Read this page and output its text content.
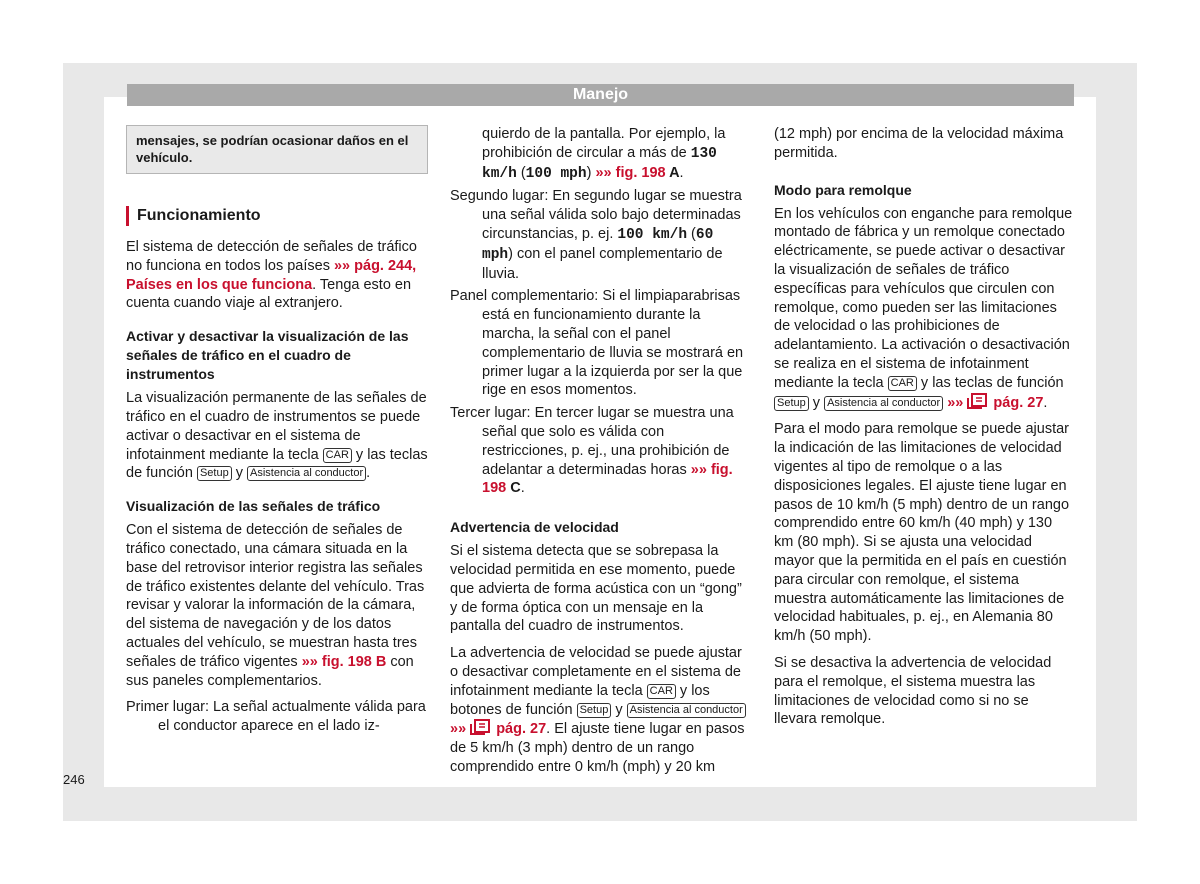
Manejo
mensajes, se podrían ocasionar daños en el vehículo.
Funcionamiento

El sistema de detección de señales de tráfico no funciona en todos los países »» pág. 244, Países en los que funciona. Tenga esto en cuenta cuando viaje al extranjero.

Activar y desactivar la visualización de las señales de tráfico en el cuadro de instrumentos

La visualización permanente de las señales de tráfico en el cuadro de instrumentos se puede activar o desactivar en el sistema de infotainment mediante la tecla CAR y las teclas de función Setup y Asistencia al conductor .

Visualización de las señales de tráfico

Con el sistema de detección de señales de tráfico conectado, una cámara situada en la base del retrovisor interior registra las señales de tráfico existentes delante del vehículo. Tras revisar y valorar la información de la cámara, del sistema de navegación y de los datos actuales del vehículo, se muestran hasta tres señales de tráfico vigentes »» fig. 198 B con sus paneles complementarios.

Primer lugar: La señal actualmente válida para el conductor aparece en el lado iz-

quierdo de la pantalla. Por ejemplo, la prohibición de circular a más de 130 km/h (100 mph) »» fig. 198 A.

Segundo lugar: En segundo lugar se muestra una señal válida solo bajo determinadas circunstancias, p. ej. 100 km/h (60 mph) con el panel complementario de lluvia.

Panel complementario: Si el limpiaparabrisas está en funcionamiento durante la marcha, la señal con el panel complementario de lluvia se mostrará en primer lugar a la izquierda por ser la que rige en esos momentos.

Tercer lugar: En tercer lugar se muestra una señal que solo es válida con restricciones, p. ej., una prohibición de adelantar a determinadas horas »» fig. 198 C.

Advertencia de velocidad

Si el sistema detecta que se sobrepasa la velocidad permitida en ese momento, puede que advierta de forma acústica con un “gong” y de forma óptica con un mensaje en la pantalla del cuadro de instrumentos.

La advertencia de velocidad se puede ajustar o desactivar completamente en el sistema de infotainment mediante la tecla CAR y los botones de función Setup y Asistencia al conductor
»»  pág. 27. El ajuste tiene lugar en pasos de 5 km/h (3 mph) dentro de un rango comprendido entre 0 km/h (mph) y 20 km

(12 mph) por encima de la velocidad máxima permitida.

Modo para remolque

En los vehículos con enganche para remolque montado de fábrica y un remolque conectado eléctricamente, se puede activar o desactivar la visualización de señales de tráfico específicas para vehículos que circulen con remolque, como pueden ser las limitaciones de velocidad o las prohibiciones de adelantamiento. La activación o desactivación se realiza en el sistema de infotainment mediante la tecla CAR y las teclas de función
Setup y Asistencia al conductor »»  pág. 27.

Para el modo para remolque se puede ajustar la indicación de las limitaciones de velocidad vigentes al tipo de remolque o a las disposiciones legales. El ajuste tiene lugar en pasos de 10 km/h (5 mph) dentro de un rango comprendido entre 60 km/h (40 mph) y 130 km (80 mph). Si se ajusta una velocidad mayor que la permitida en el país en cuestión para circular con remolque, el sistema muestra automáticamente las limitaciones de velocidad habituales, p. ej., en Alemania 80 km/h (50 mph).

Si se desactiva la advertencia de velocidad para el remolque, el sistema muestra las limitaciones de velocidad como si no se llevara remolque.

246
